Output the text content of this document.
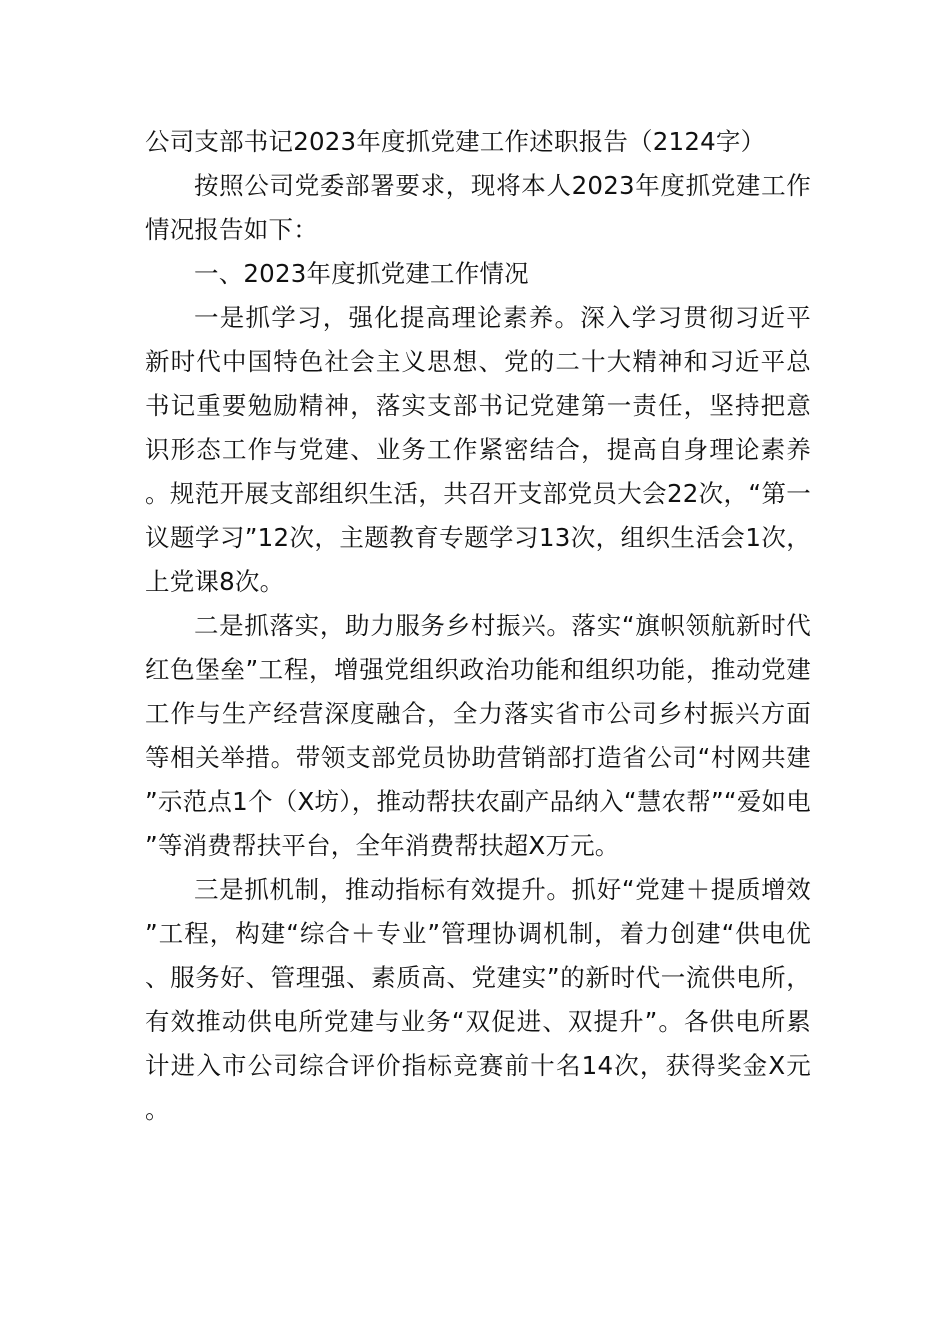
公司支部书记2023年度抓党建工作述职报告（2124字）

按照公司党委部署要求，现将本人2023年度抓党建工作情况报告如下：

一、2023年度抓党建工作情况

一是抓学习，强化提高理论素养。深入学习贯彻习近平新时代中国特色社会主义思想、党的二十大精神和习近平总书记重要勉励精神，落实支部书记党建第一责任，坚持把意识形态工作与党建、业务工作紧密结合，提高自身理论素养。规范开展支部组织生活，共召开支部党员大会22次，“第一议题学习”12次，主题教育专题学习13次，组织生活会1次，上党课8次。

二是抓落实，助力服务乡村振兴。落实“旗帜领航新时代红色堡垒”工程，增强党组织政治功能和组织功能，推动党建工作与生产经营深度融合，全力落实省市公司乡村振兴方面等相关举措。带领支部党员协助营销部打造省公司“村网共建”示范点1个（X坊），推动帮扶农副产品纳入“慧农帮”“爱如电”等消费帮扶平台，全年消费帮扶超X万元。

三是抓机制，推动指标有效提升。抓好“党建＋提质增效”工程，构建“综合＋专业”管理协调机制，着力创建“供电优、服务好、管理强、素质高、党建实”的新时代一流供电所，有效推动供电所党建与业务“双促进、双提升”。各供电所累计进入市公司综合评价指标竞赛前十名14次，获得奖金X元。
